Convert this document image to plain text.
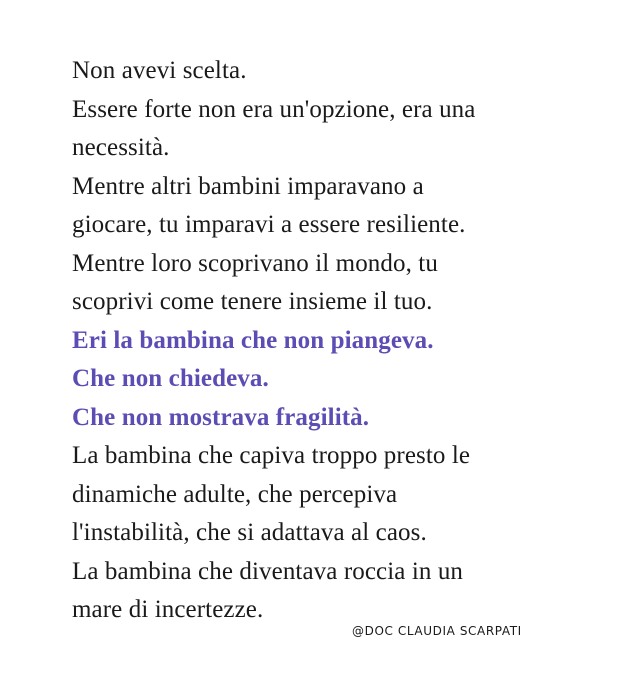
Non avevi scelta.
Essere forte non era un'opzione, era una
necessità.
Mentre altri bambini imparavano a
giocare, tu imparavi a essere resiliente.
Mentre loro scoprivano il mondo, tu
scoprivi come tenere insieme il tuo.
Eri la bambina che non piangeva.
Che non chiedeva.
Che non mostrava fragilità.
La bambina che capiva troppo presto le
dinamiche adulte, che percepiva
l'instabilità, che si adattava al caos.
La bambina che diventava roccia in un
mare di incertezze.
@DOC CLAUDIA SCARPATI
